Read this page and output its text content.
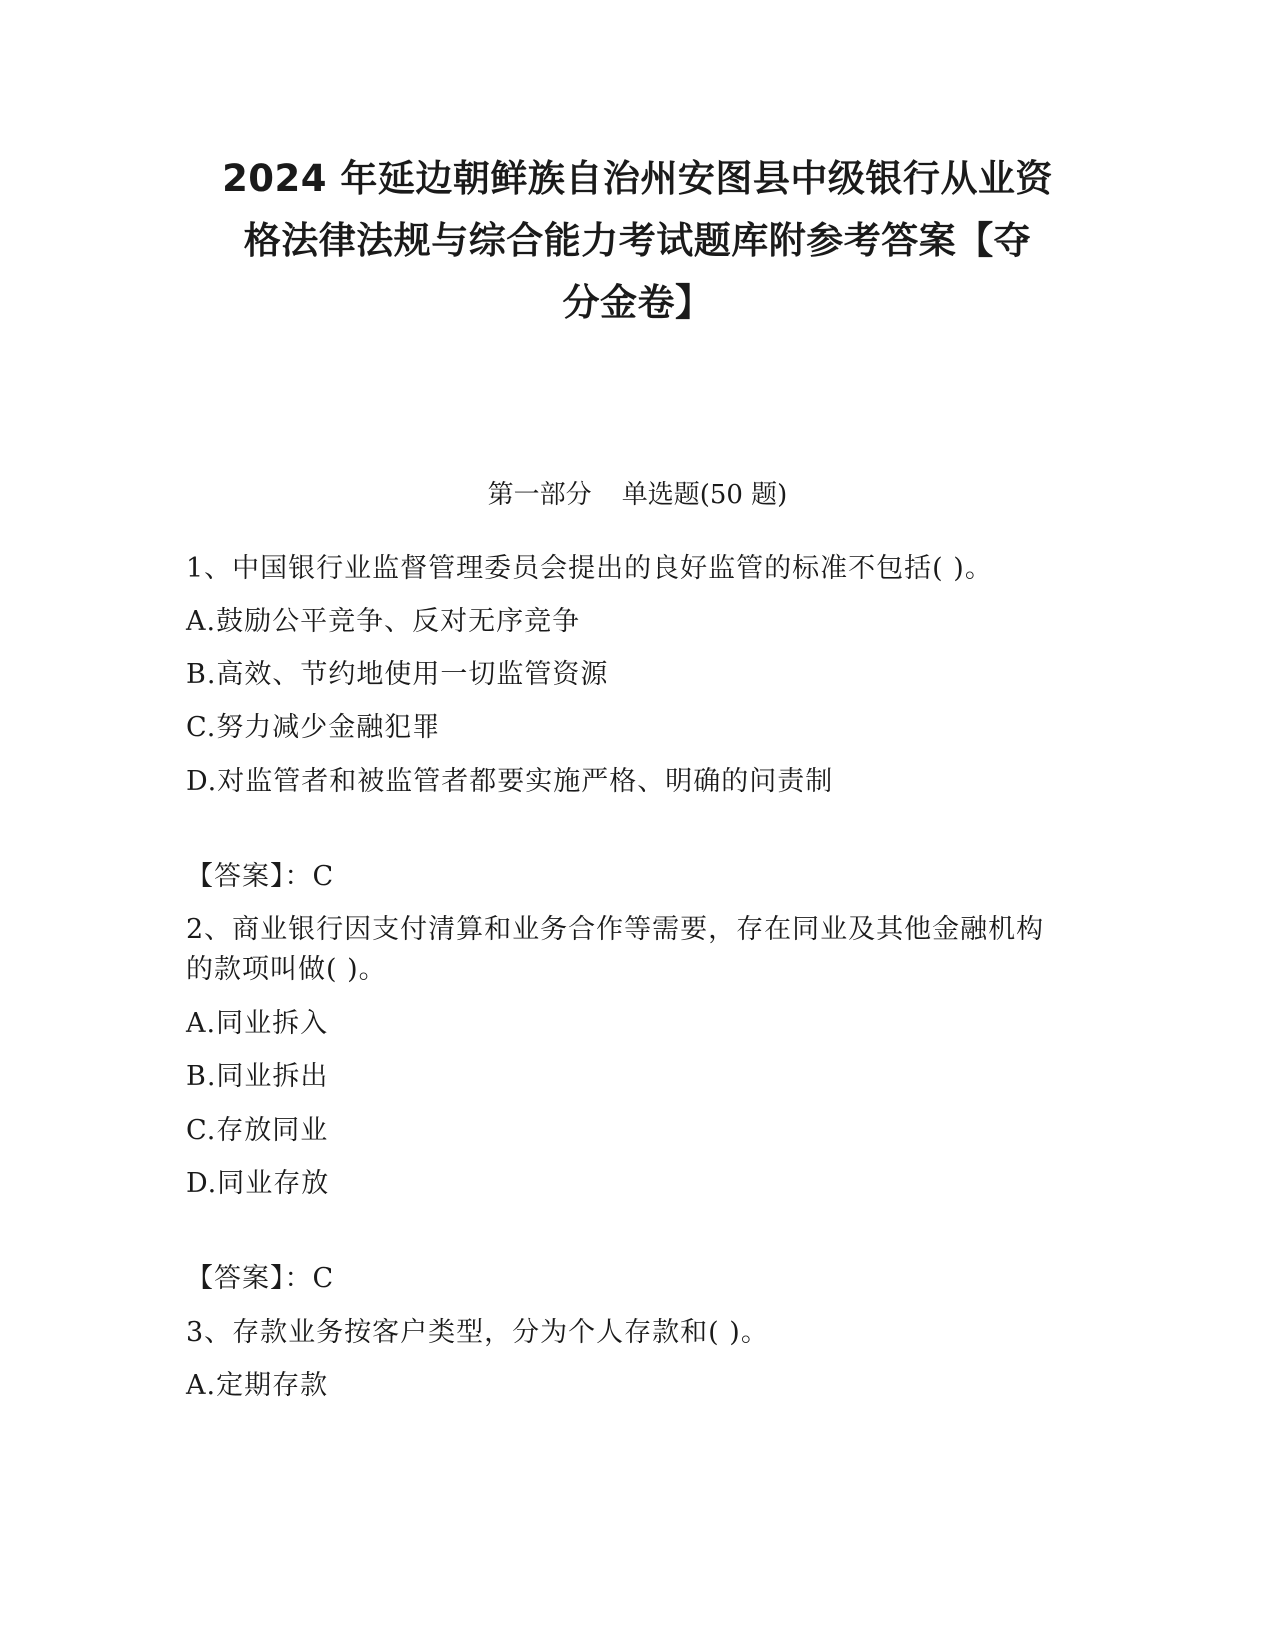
2024 年延边朝鲜族自治州安图县中级银行从业资
格法律法规与综合能力考试题库附参考答案【夺
分金卷】
第一部分 单选题(50 题)
1、中国银行业监督管理委员会提出的良好监管的标准不包括( )。
A.鼓励公平竞争、反对无序竞争
B.高效、节约地使用一切监管资源
C.努力减少金融犯罪
D.对监管者和被监管者都要实施严格、明确的问责制
【答案】：C
2、商业银行因支付清算和业务合作等需要，存在同业及其他金融机构
的款项叫做( )。
A.同业拆入
B.同业拆出
C.存放同业
D.同业存放
【答案】：C
3、存款业务按客户类型，分为个人存款和( )。
A.定期存款
